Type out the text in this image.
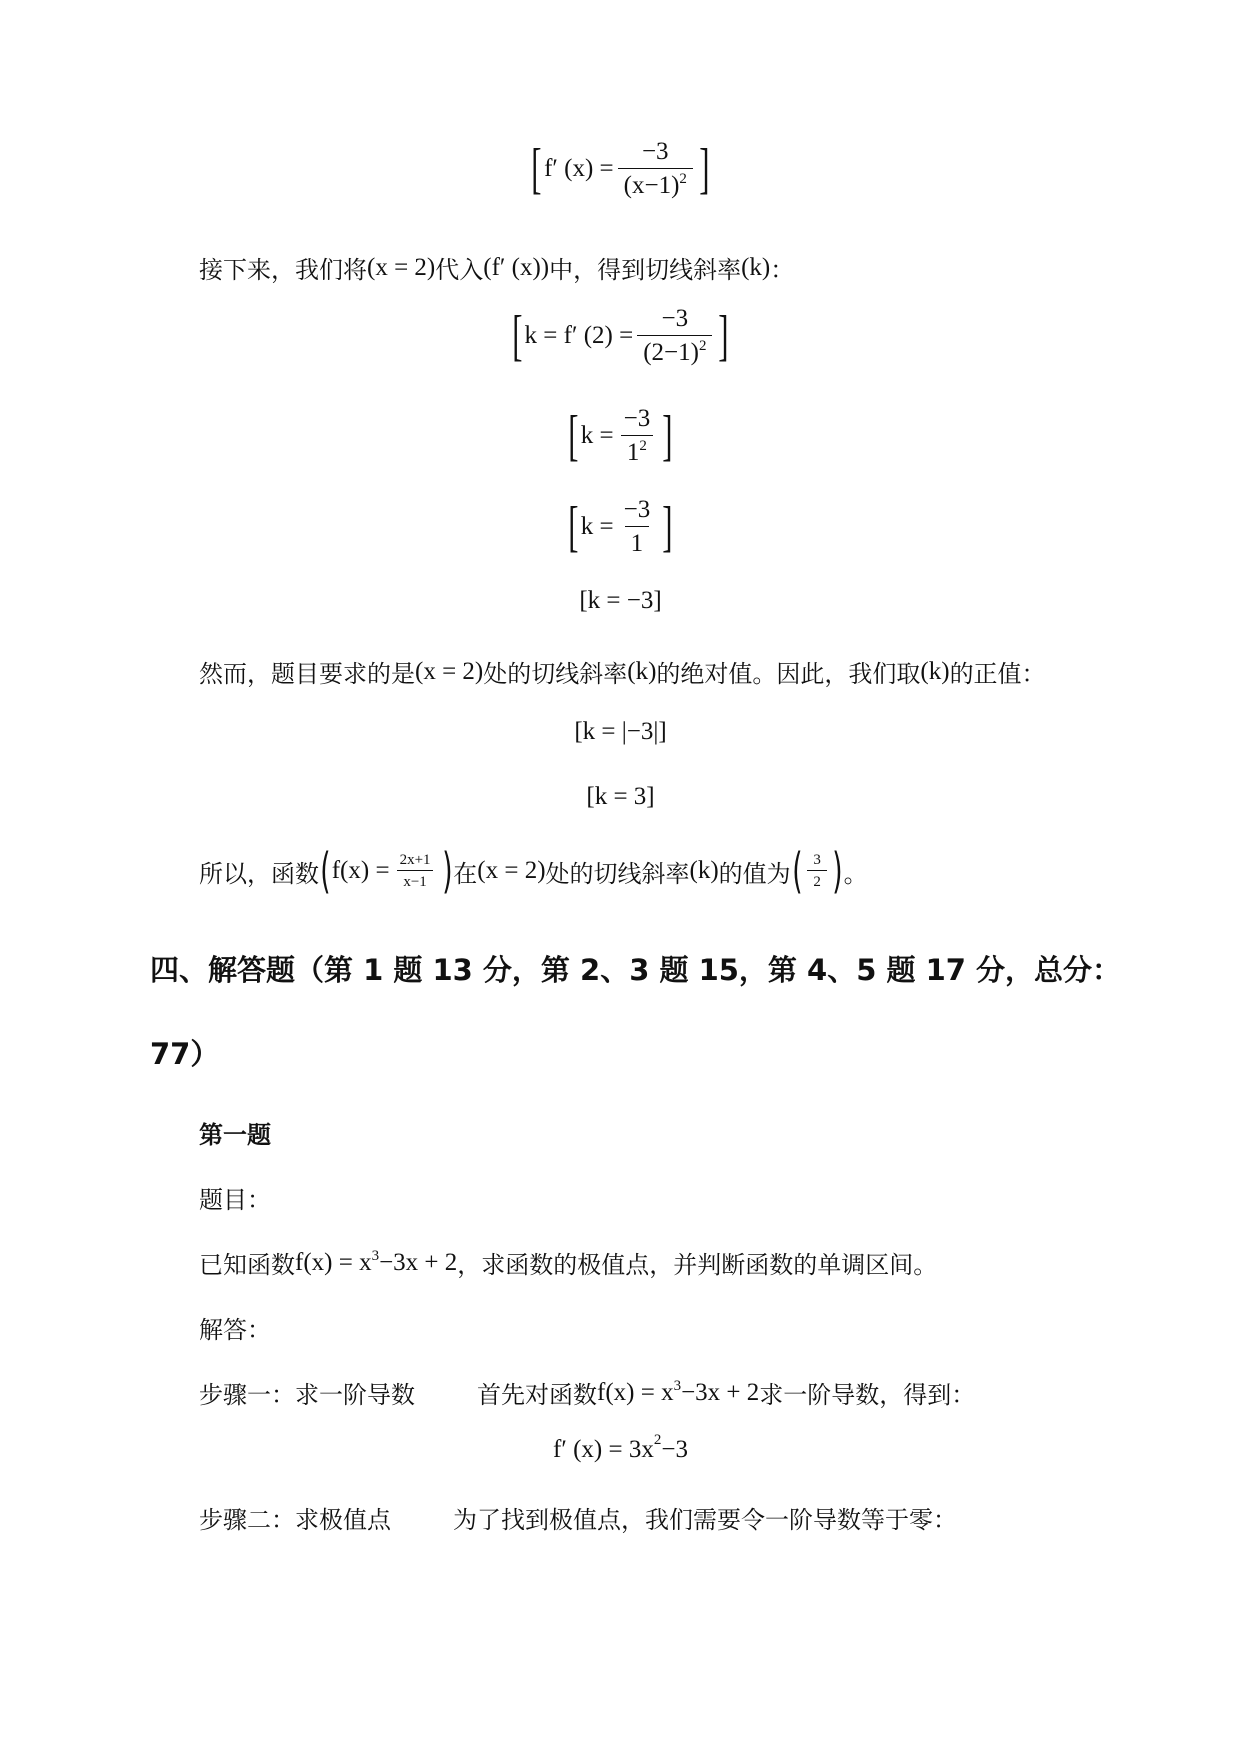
[ f′ $(x) = \frac{-3}{(x-1)^2}$ ]
接下来，我们将 (x = 2) 代入 (f′ (x)) 中，得到切线斜率 (k) ：
[ k = f′ $(2) = \frac{-3}{(2-1)^2}$ ]
[ $k = \frac{-3}{1^2}$ ]
[ $k = \frac{-3}{1}$ ]
[k = −3]
然而，题目要求的是 (x = 2) 处的切线斜率 (k) 的绝对值。因此，我们取 (k) 的正值：
[k = |−3|]
[k = 3]
所以，函数 ( $f(x) = \frac{2x+1}{x-1}$ ) 在 (x = 2) 处的切线斜率 (k) 的值为 ( $\frac{3}{2}$ ) 。
四、解答题（第 1 题 13 分，第 2、3 题 15，第 4、5 题 17 分，总分：
77）
第一题
题目：
已知函数 $f(x) = x^3-3x + 2$ ，求函数的极值点，并判断函数的单调区间。
解答：
步骤一：求一阶导数	首先对函数 $f(x) = x^3-3x + 2$ 求一阶导数，得到：
f′ (x) = 3x 2 −3
步骤二：求极值点	为了找到极值点，我们需要令一阶导数等于零：
